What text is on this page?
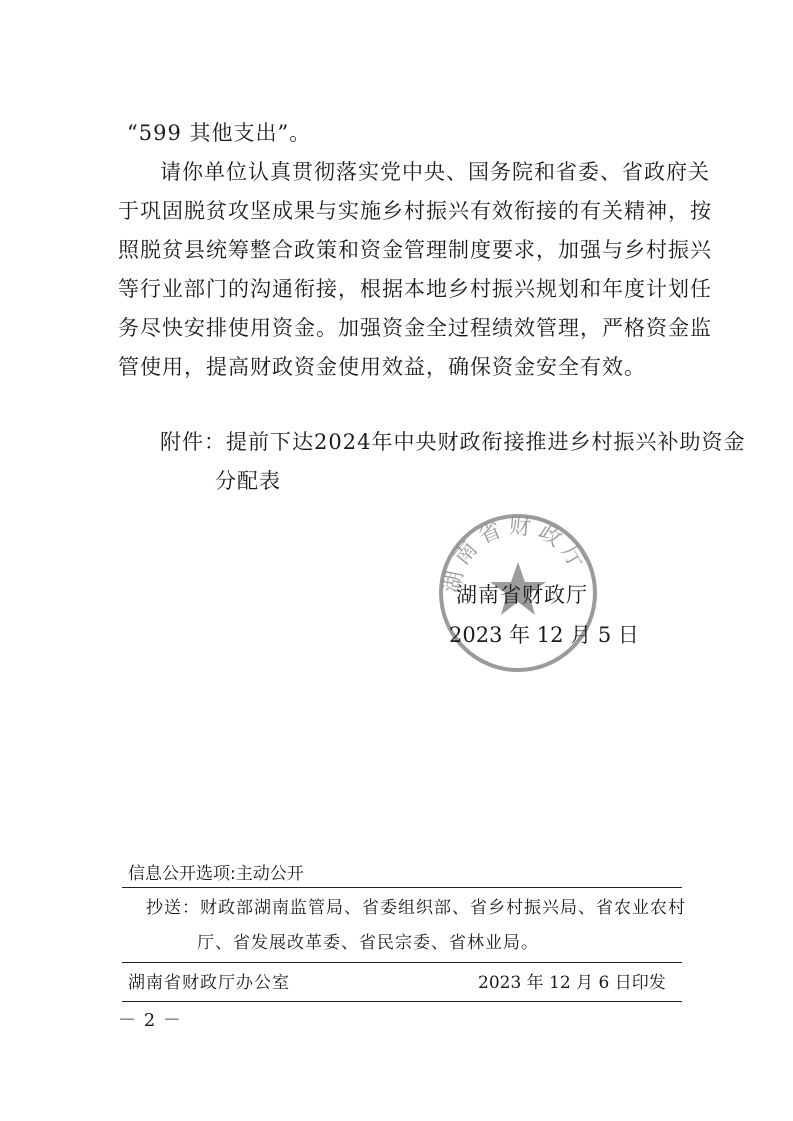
“599 其他支出”。
请你单位认真贯彻落实党中央、国务院和省委、省政府关
于巩固脱贫攻坚成果与实施乡村振兴有效衔接的有关精神，按
照脱贫县统筹整合政策和资金管理制度要求，加强与乡村振兴
等行业部门的沟通衔接，根据本地乡村振兴规划和年度计划任
务尽快安排使用资金。加强资金全过程绩效管理，严格资金监
管使用，提高财政资金使用效益，确保资金安全有效。
附件：提前下达2024年中央财政衔接推进乡村振兴补助资金
分配表
湖南省财政厅
湖南省财政厅
2023 年 12 月 5 日
信息公开选项:主动公开
抄送：财政部湖南监管局、省委组织部、省乡村振兴局、省农业农村
厅、省发展改革委、省民宗委、省林业局。
湖南省财政厅办公室	2023 年 12 月 6 日印发
－ 2 －
